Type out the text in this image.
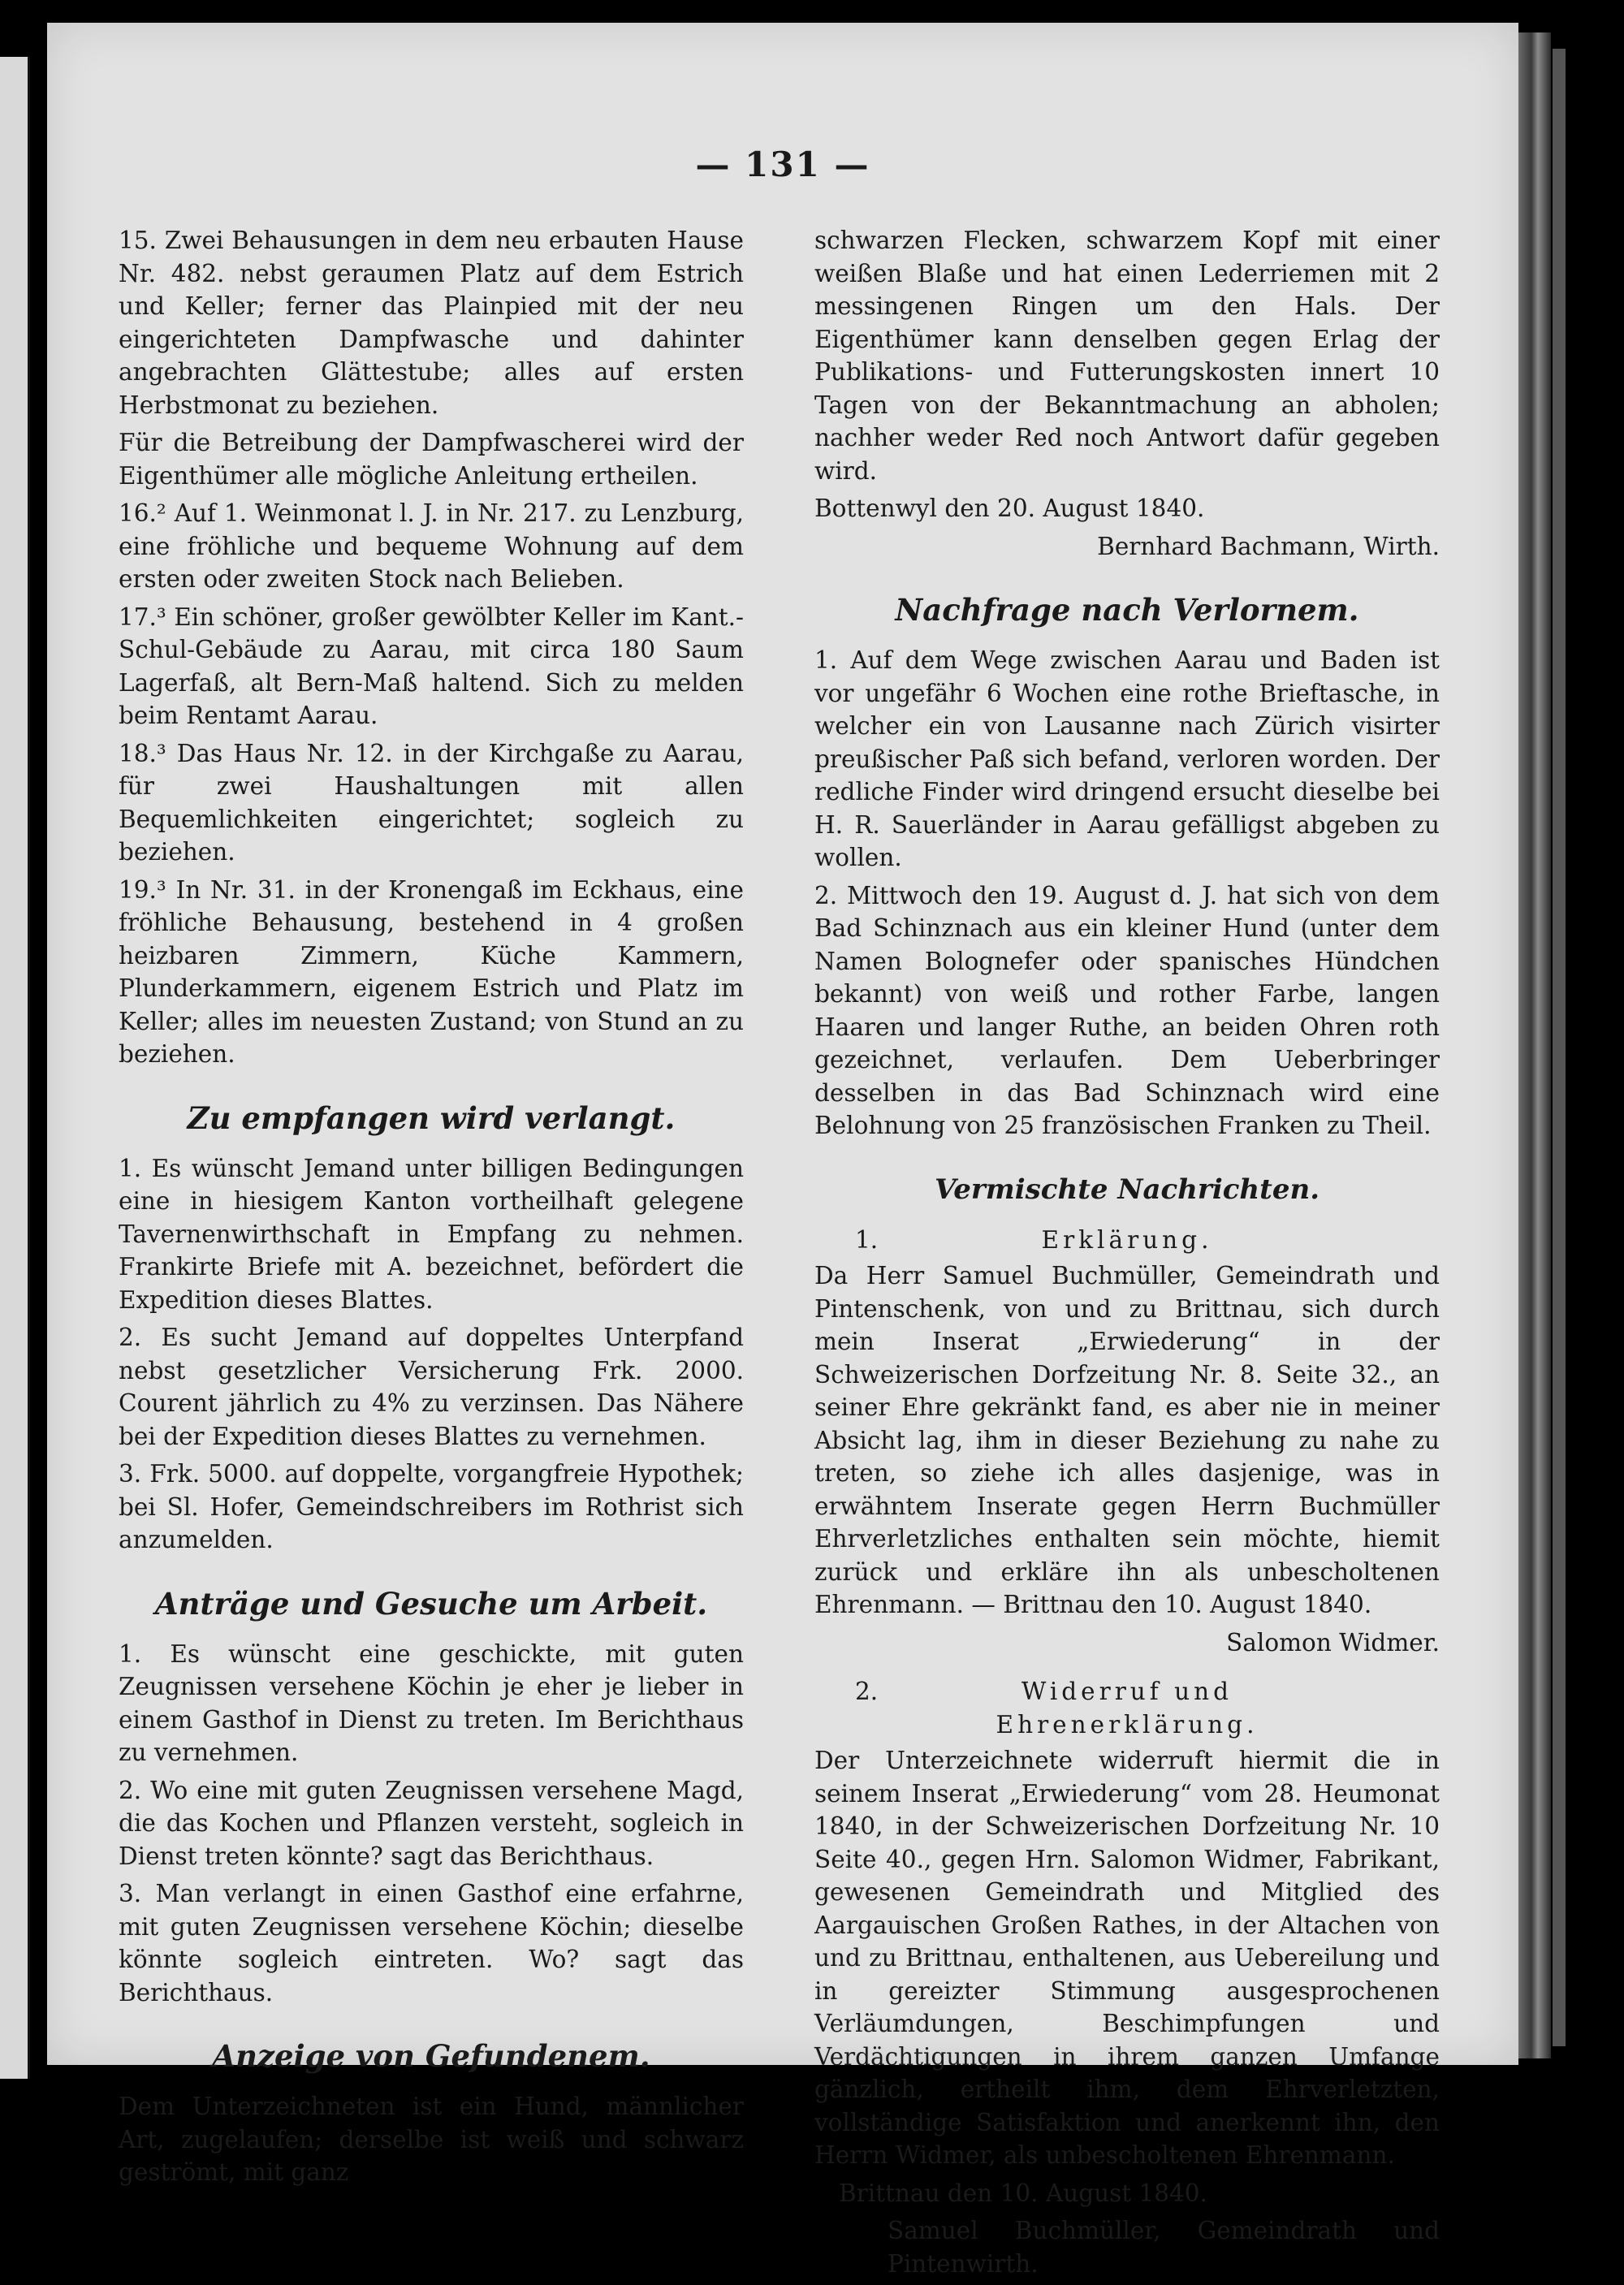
— 131 —

15. Zwei Behausungen in dem neu erbauten Hause Nr. 482. nebst geraumen Platz auf dem Estrich und Keller; ferner das Plainpied mit der neu eingerichteten Dampfwasche und dahinter angebrachten Glättestube; alles auf ersten Herbstmonat zu beziehen.

Für die Betreibung der Dampfwascherei wird der Eigenthümer alle mögliche Anleitung ertheilen.

16.² Auf 1. Weinmonat l. J. in Nr. 217. zu Lenzburg, eine fröhliche und bequeme Wohnung auf dem ersten oder zweiten Stock nach Belieben.

17.³ Ein schöner, großer gewölbter Keller im Kant.-Schul-Gebäude zu Aarau, mit circa 180 Saum Lagerfaß, alt Bern-Maß haltend. Sich zu melden beim Rentamt Aarau.

18.³ Das Haus Nr. 12. in der Kirchgaße zu Aarau, für zwei Haushaltungen mit allen Bequemlichkeiten eingerichtet; sogleich zu beziehen.

19.³ In Nr. 31. in der Kronengaß im Eckhaus, eine fröhliche Behausung, bestehend in 4 großen heizbaren Zimmern, Küche Kammern, Plunderkammern, eigenem Estrich und Platz im Keller; alles im neuesten Zustand; von Stund an zu beziehen.

Zu empfangen wird verlangt.

1. Es wünscht Jemand unter billigen Bedingungen eine in hiesigem Kanton vortheilhaft gelegene Tavernenwirthschaft in Empfang zu nehmen. Frankirte Briefe mit A. bezeichnet, befördert die Expedition dieses Blattes.

2. Es sucht Jemand auf doppeltes Unterpfand nebst gesetzlicher Versicherung Frk. 2000. Courent jährlich zu 4% zu verzinsen. Das Nähere bei der Expedition dieses Blattes zu vernehmen.

3. Frk. 5000. auf doppelte, vorgangfreie Hypothek; bei Sl. Hofer, Gemeindschreibers im Rothrist sich anzumelden.

Anträge und Gesuche um Arbeit.

1. Es wünscht eine geschickte, mit guten Zeugnissen versehene Köchin je eher je lieber in einem Gasthof in Dienst zu treten. Im Berichthaus zu vernehmen.

2. Wo eine mit guten Zeugnissen versehene Magd, die das Kochen und Pflanzen versteht, sogleich in Dienst treten könnte? sagt das Berichthaus.

3. Man verlangt in einen Gasthof eine erfahrne, mit guten Zeugnissen versehene Köchin; dieselbe könnte sogleich eintreten. Wo? sagt das Berichthaus.

Anzeige von Gefundenem.

Dem Unterzeichneten ist ein Hund, männlicher Art, zugelaufen; derselbe ist weiß und schwarz geströmt, mit ganz

schwarzen Flecken, schwarzem Kopf mit einer weißen Blaße und hat einen Lederriemen mit 2 messingenen Ringen um den Hals. Der Eigenthümer kann denselben gegen Erlag der Publikations- und Futterungskosten innert 10 Tagen von der Bekanntmachung an abholen; nachher weder Red noch Antwort dafür gegeben wird.

Bottenwyl den 20. August 1840.

Bernhard Bachmann, Wirth.

Nachfrage nach Verlornem.

1. Auf dem Wege zwischen Aarau und Baden ist vor ungefähr 6 Wochen eine rothe Brieftasche, in welcher ein von Lausanne nach Zürich visirter preußischer Paß sich befand, verloren worden. Der redliche Finder wird dringend ersucht dieselbe bei H. R. Sauerländer in Aarau gefälligst abgeben zu wollen.

2. Mittwoch den 19. August d. J. hat sich von dem Bad Schinznach aus ein kleiner Hund (unter dem Namen Bolognefer oder spanisches Hündchen bekannt) von weiß und rother Farbe, langen Haaren und langer Ruthe, an beiden Ohren roth gezeichnet, verlaufen. Dem Ueberbringer desselben in das Bad Schinznach wird eine Belohnung von 25 französischen Franken zu Theil.

Vermischte Nachrichten.
1.	Erklärung.

Da Herr Samuel Buchmüller, Gemeindrath und Pintenschenk, von und zu Brittnau, sich durch mein Inserat „Erwiederung“ in der Schweizerischen Dorfzeitung Nr. 8. Seite 32., an seiner Ehre gekränkt fand, es aber nie in meiner Absicht lag, ihm in dieser Beziehung zu nahe zu treten, so ziehe ich alles dasjenige, was in erwähntem Inserate gegen Herrn Buchmüller Ehrverletzliches enthalten sein möchte, hiemit zurück und erkläre ihn als unbescholtenen Ehrenmann. — Brittnau den 10. August 1840.

Salomon Widmer.

2.	Widerruf und Ehrenerklärung.

Der Unterzeichnete widerruft hiermit die in seinem Inserat „Erwiederung“ vom 28. Heumonat 1840, in der Schweizerischen Dorfzeitung Nr. 10 Seite 40., gegen Hrn. Salomon Widmer, Fabrikant, gewesenen Gemeindrath und Mitglied des Aargauischen Großen Rathes, in der Altachen von und zu Brittnau, enthaltenen, aus Uebereilung und in gereizter Stimmung ausgesprochenen Verläumdungen, Beschimpfungen und Verdächtigungen in ihrem ganzen Umfange gänzlich, ertheilt ihm, dem Ehrverletzten, vollständige Satisfaktion und anerkennt ihn, den Herrn Widmer, als unbescholtenen Ehrenmann.

Brittnau den 10. August 1840.

Samuel Buchmüller, Gemeindrath und Pintenwirth.
